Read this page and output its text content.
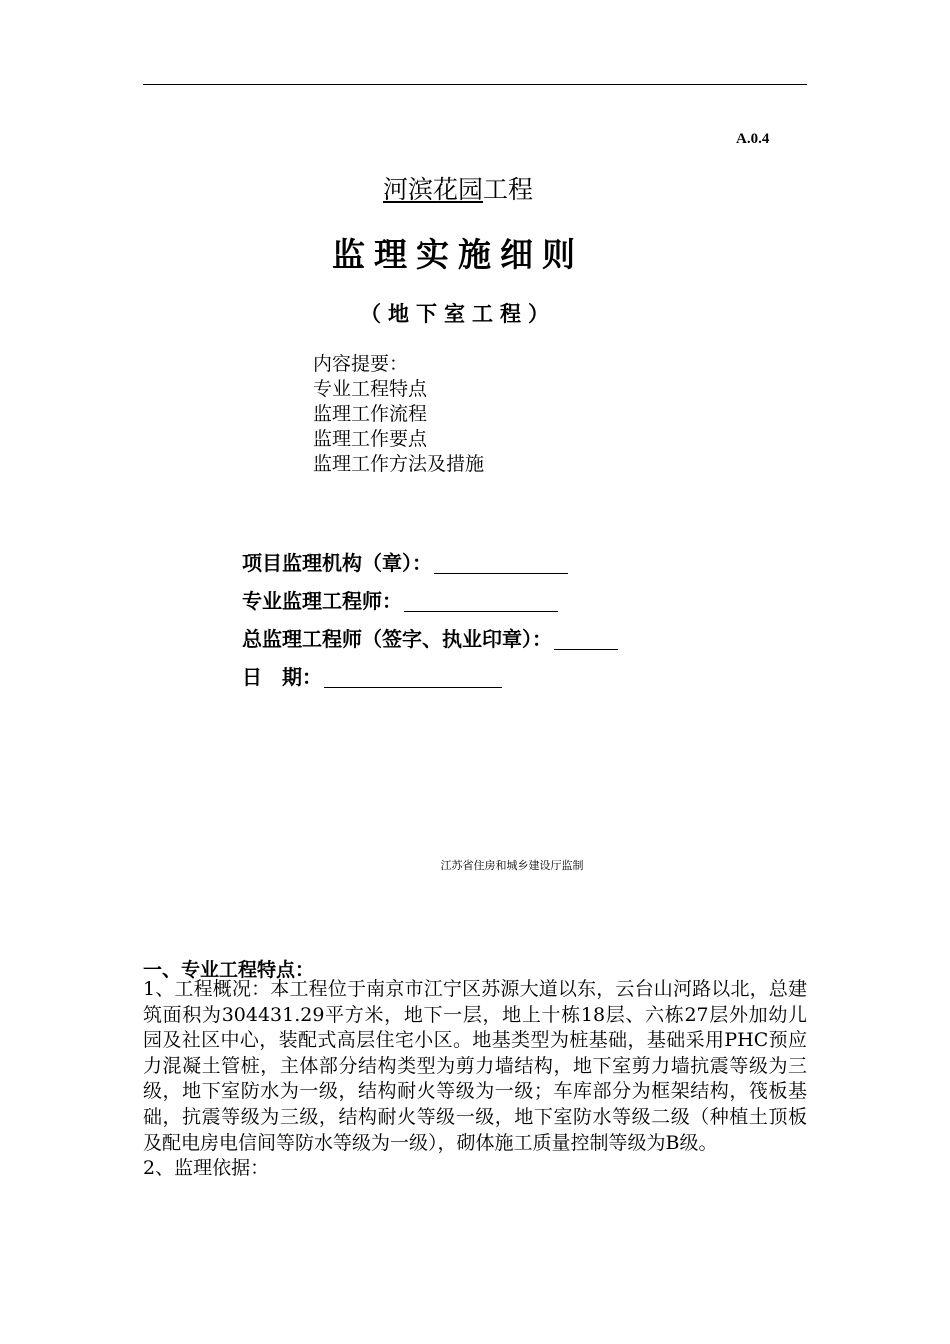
A.0.4
河滨花园工程
监理实施细则
（地下室工程）
内容提要：
专业工程特点
监理工作流程
监理工作要点
监理工作方法及措施
项目监理机构（章）：
专业监理工程师：
总监理工程师（签字、执业印章）：
日　期：
江苏省住房和城乡建设厅监制
一、专业工程特点：

1、工程概况：本工程位于南京市江宁区苏源大道以东，云台山河路以北，总建筑面积为304431.29平方米，地下一层，地上十栋18层、六栋27层外加幼儿园及社区中心，装配式高层住宅小区。地基类型为桩基础，基础采用PHC预应力混凝土管桩，主体部分结构类型为剪力墙结构，地下室剪力墙抗震等级为三级，地下室防水为一级，结构耐火等级为一级；车库部分为框架结构，筏板基础，抗震等级为三级，结构耐火等级一级，地下室防水等级二级（种植土顶板及配电房电信间等防水等级为一级），砌体施工质量控制等级为B级。

2、监理依据：
